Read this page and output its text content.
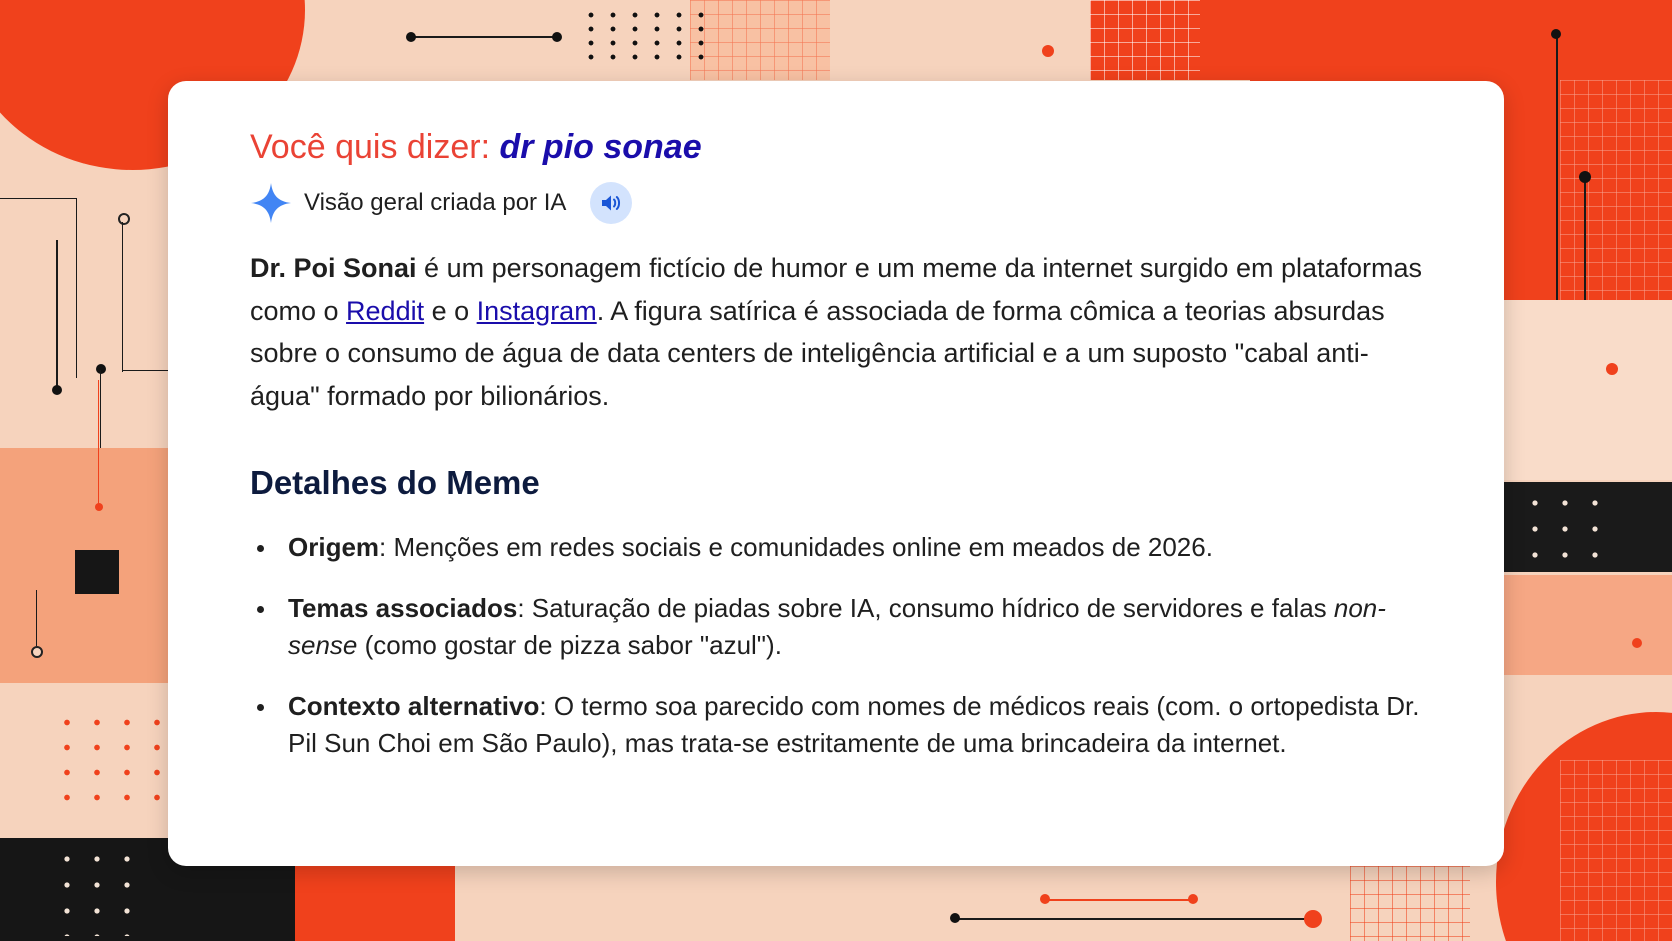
Você quis dizer: dr pio sonae

Visão geral criada por IA

Dr. Poi Sonai é um personagem fictício de humor e um meme da internet surgido em plataformas como o Reddit e o Instagram. A figura satírica é associada de forma cômica a teorias absurdas sobre o consumo de água de data centers de inteligência artificial e a um suposto "cabal anti-água" formado por bilionários.

Detalhes do Meme
Origem: Menções em redes sociais e comunidades online em meados de 2026.
Temas associados: Saturação de piadas sobre IA, consumo hídrico de servidores e falas non-sense (como gostar de pizza sabor "azul").
Contexto alternativo: O termo soa parecido com nomes de médicos reais (com. o ortopedista Dr. Pil Sun Choi em São Paulo), mas trata-se estritamente de uma brincadeira da internet.
